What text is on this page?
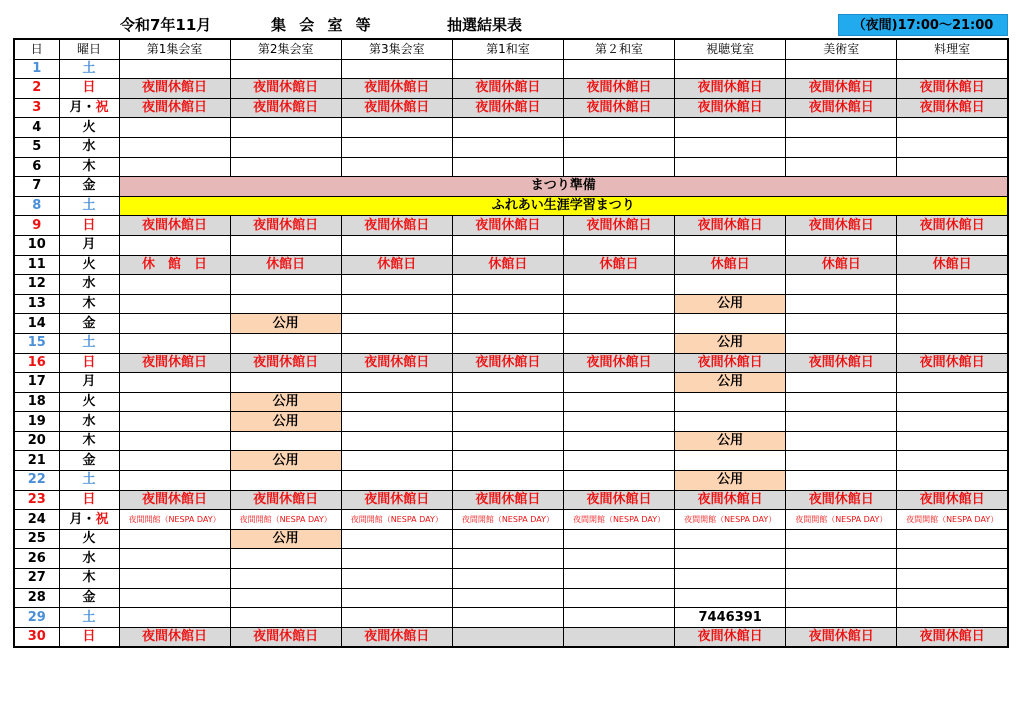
令和7年11月	集 会 室 等	抽選結果表	（夜間)17:00～21:00
日	曜日	第1集会室	第2集会室	第3集会室	第1和室	第２和室	視聴覚室	美術室	料理室
1	土								
2	日	夜間休館日	夜間休館日	夜間休館日	夜間休館日	夜間休館日	夜間休館日	夜間休館日	夜間休館日
3	月・祝	夜間休館日	夜間休館日	夜間休館日	夜間休館日	夜間休館日	夜間休館日	夜間休館日	夜間休館日
4	火								
5	水								
6	木								
7	金	まつり準備							
8	土	ふれあい生涯学習まつり							
9	日	夜間休館日	夜間休館日	夜間休館日	夜間休館日	夜間休館日	夜間休館日	夜間休館日	夜間休館日
10	月								
11	火	休　館　日	休館日	休館日	休館日	休館日	休館日	休館日	休館日
12	水								
13	木						公用		
14	金		公用						
15	土						公用		
16	日	夜間休館日	夜間休館日	夜間休館日	夜間休館日	夜間休館日	夜間休館日	夜間休館日	夜間休館日
17	月						公用		
18	火		公用						
19	水		公用						
20	木						公用		
21	金		公用						
22	土						公用		
23	日	夜間休館日	夜間休館日	夜間休館日	夜間休館日	夜間休館日	夜間休館日	夜間休館日	夜間休館日
24	月・祝	夜間開館（NESPA DAY）	夜間開館（NESPA DAY）	夜間開館（NESPA DAY）	夜間開館（NESPA DAY）	夜間開館（NESPA DAY）	夜間開館（NESPA DAY）	夜間開館（NESPA DAY）	夜間開館（NESPA DAY）
25	火		公用						
26	水								
27	木								
28	金								
29	土						7446391		
30	日	夜間休館日	夜間休館日	夜間休館日			夜間休館日	夜間休館日	夜間休館日
